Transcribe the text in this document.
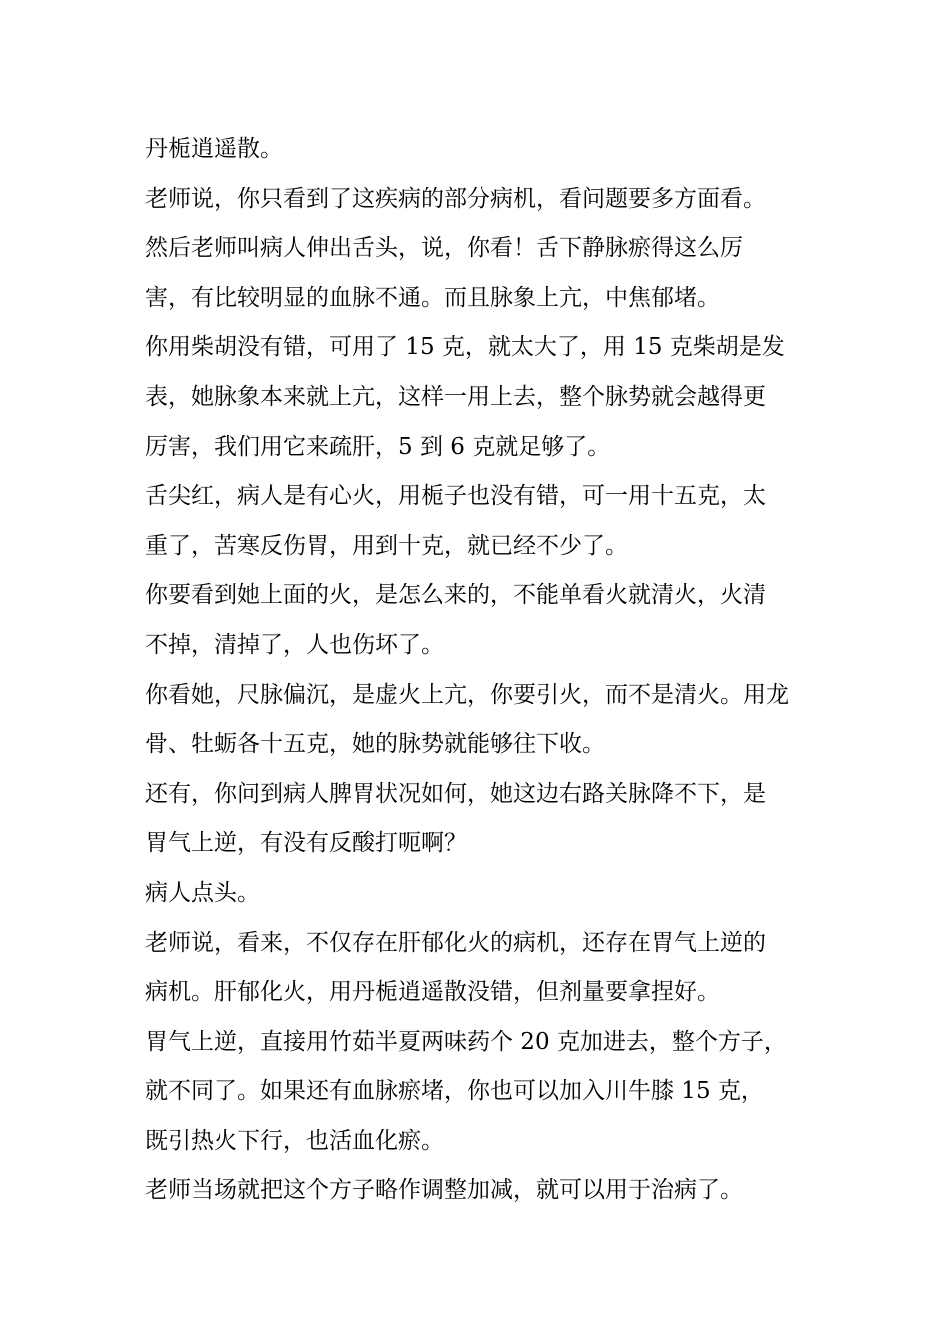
丹栀逍遥散。
老师说，你只看到了这疾病的部分病机，看问题要多方面看。
然后老师叫病人伸出舌头，说，你看！舌下静脉瘀得这么厉
害，有比较明显的血脉不通。而且脉象上亢，中焦郁堵。
你用柴胡没有错，可用了 15 克，就太大了，用 15 克柴胡是发
表，她脉象本来就上亢，这样一用上去，整个脉势就会越得更
厉害，我们用它来疏肝，5 到 6 克就足够了。
舌尖红，病人是有心火，用栀子也没有错，可一用十五克，太
重了，苦寒反伤胃，用到十克，就已经不少了。
你要看到她上面的火，是怎么来的，不能单看火就清火，火清
不掉，清掉了，人也伤坏了。
你看她，尺脉偏沉，是虚火上亢，你要引火，而不是清火。用龙
骨、牡蛎各十五克，她的脉势就能够往下收。
还有，你问到病人脾胃状况如何，她这边右路关脉降不下，是
胃气上逆，有没有反酸打呃啊？
病人点头。
老师说，看来，不仅存在肝郁化火的病机，还存在胃气上逆的
病机。肝郁化火，用丹栀逍遥散没错，但剂量要拿捏好。
胃气上逆，直接用竹茹半夏两味药个 20 克加进去，整个方子，
就不同了。如果还有血脉瘀堵，你也可以加入川牛膝 15 克，
既引热火下行，也活血化瘀。
老师当场就把这个方子略作调整加减，就可以用于治病了。
